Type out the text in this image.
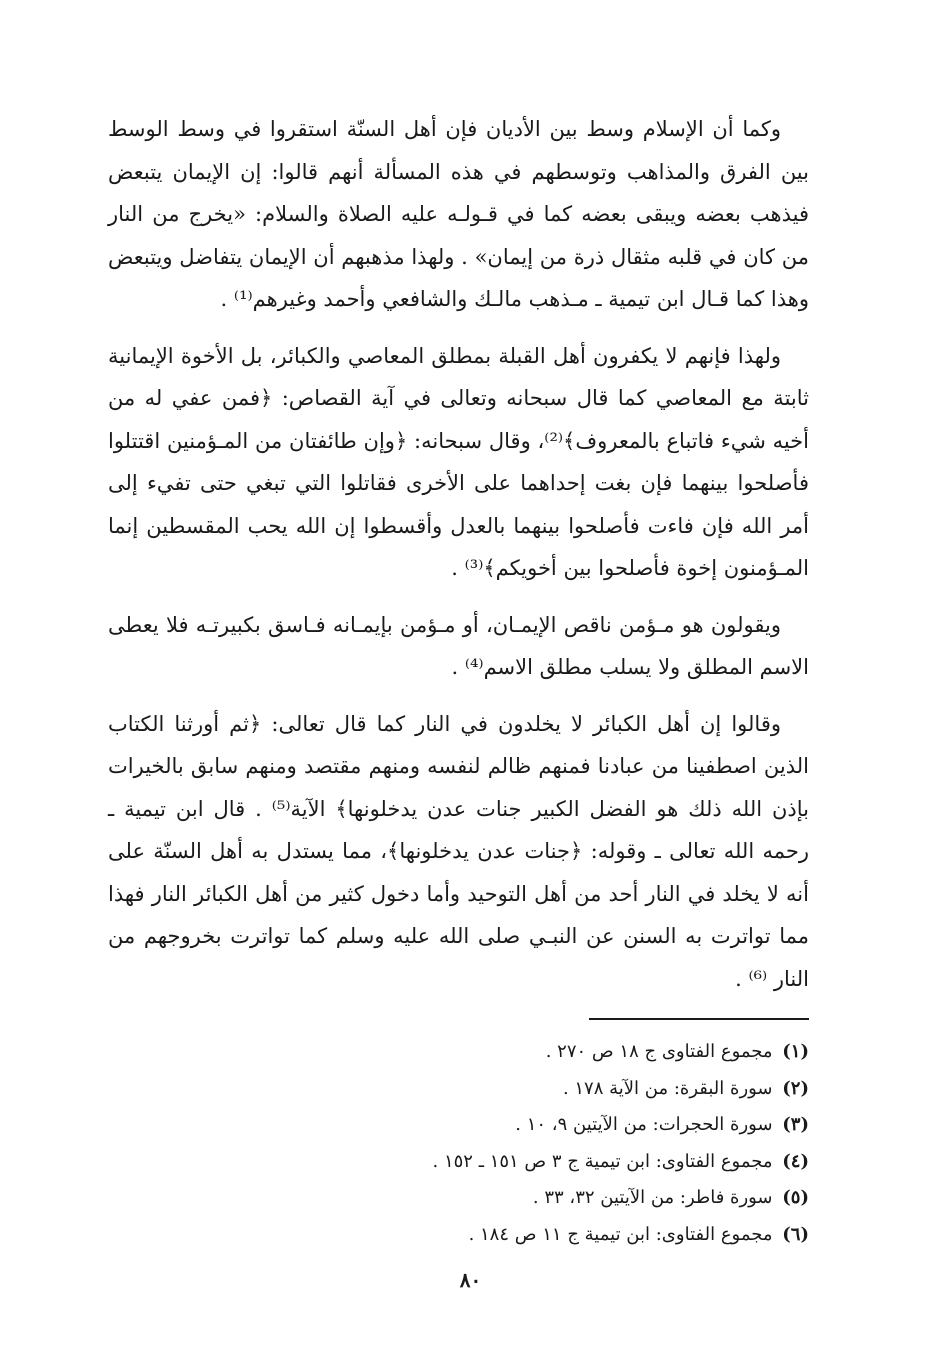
وكما أن الإسلام وسط بين الأديان فإن أهل السنّة استقروا في وسط الوسط بين الفرق والمذاهب وتوسطهم في هذه المسألة أنهم قالوا: إن الإيمان يتبعض فيذهب بعضه ويبقى بعضه كما في قـولـه عليه الصلاة والسلام: «يخرج من النار من كان في قلبه مثقال ذرة من إيمان» . ولهذا مذهبهم أن الإيمان يتفاضل ويتبعض وهذا كما قـال ابن تيمية ـ مـذهب مالـك والشافعي وأحمد وغيرهم⁽¹⁾ .

ولهذا فإنهم لا يكفرون أهل القبلة بمطلق المعاصي والكبائر، بل الأخوة الإيمانية ثابتة مع المعاصي كما قال سبحانه وتعالى في آية القصاص: ﴿فمن عفي له من أخيه شيء فاتباع بالمعروف﴾⁽²⁾، وقال سبحانه: ﴿وإن طائفتان من المـؤمنين اقتتلوا فأصلحوا بينهما فإن بغت إحداهما على الأخرى فقاتلوا التي تبغي حتى تفيء إلى أمر الله فإن فاءت فأصلحوا بينهما بالعدل وأقسطوا إن الله يحب المقسطين إنما المـؤمنون إخوة فأصلحوا بين أخويكم﴾⁽³⁾ .

ويقولون هو مـؤمن ناقص الإيمـان، أو مـؤمن بإيمـانه فـاسق بكبيرتـه فلا يعطى الاسم المطلق ولا يسلب مطلق الاسم⁽⁴⁾ .

وقالوا إن أهل الكبائر لا يخلدون في النار كما قال تعالى: ﴿ثم أورثنا الكتاب الذين اصطفينا من عبادنا فمنهم ظالم لنفسه ومنهم مقتصد ومنهم سابق بالخيرات بإذن الله ذلك هو الفضل الكبير جنات عدن يدخلونها﴾ الآية⁽⁵⁾ . قال ابن تيمية ـ رحمه الله تعالى ـ وقوله: ﴿جنات عدن يدخلونها﴾، مما يستدل به أهل السنّة على أنه لا يخلد في النار أحد من أهل التوحيد وأما دخول كثير من أهل الكبائر النار فهذا مما تواترت به السنن عن النبـي صلى الله عليه وسلم كما تواترت بخروجهم من النار ⁽⁶⁾ .

(١) مجموع الفتاوى ج ١٨ ص ٢٧٠ .
(٢) سورة البقرة: من الآية ١٧٨ .
(٣) سورة الحجرات: من الآيتين ٩، ١٠ .
(٤) مجموع الفتاوى: ابن تيمية ج ٣ ص ١٥١ ـ ١٥٢ .
(٥) سورة فاطر: من الآيتين ٣٢، ٣٣ .
(٦) مجموع الفتاوى: ابن تيمية ج ١١ ص ١٨٤ .
٨٠
